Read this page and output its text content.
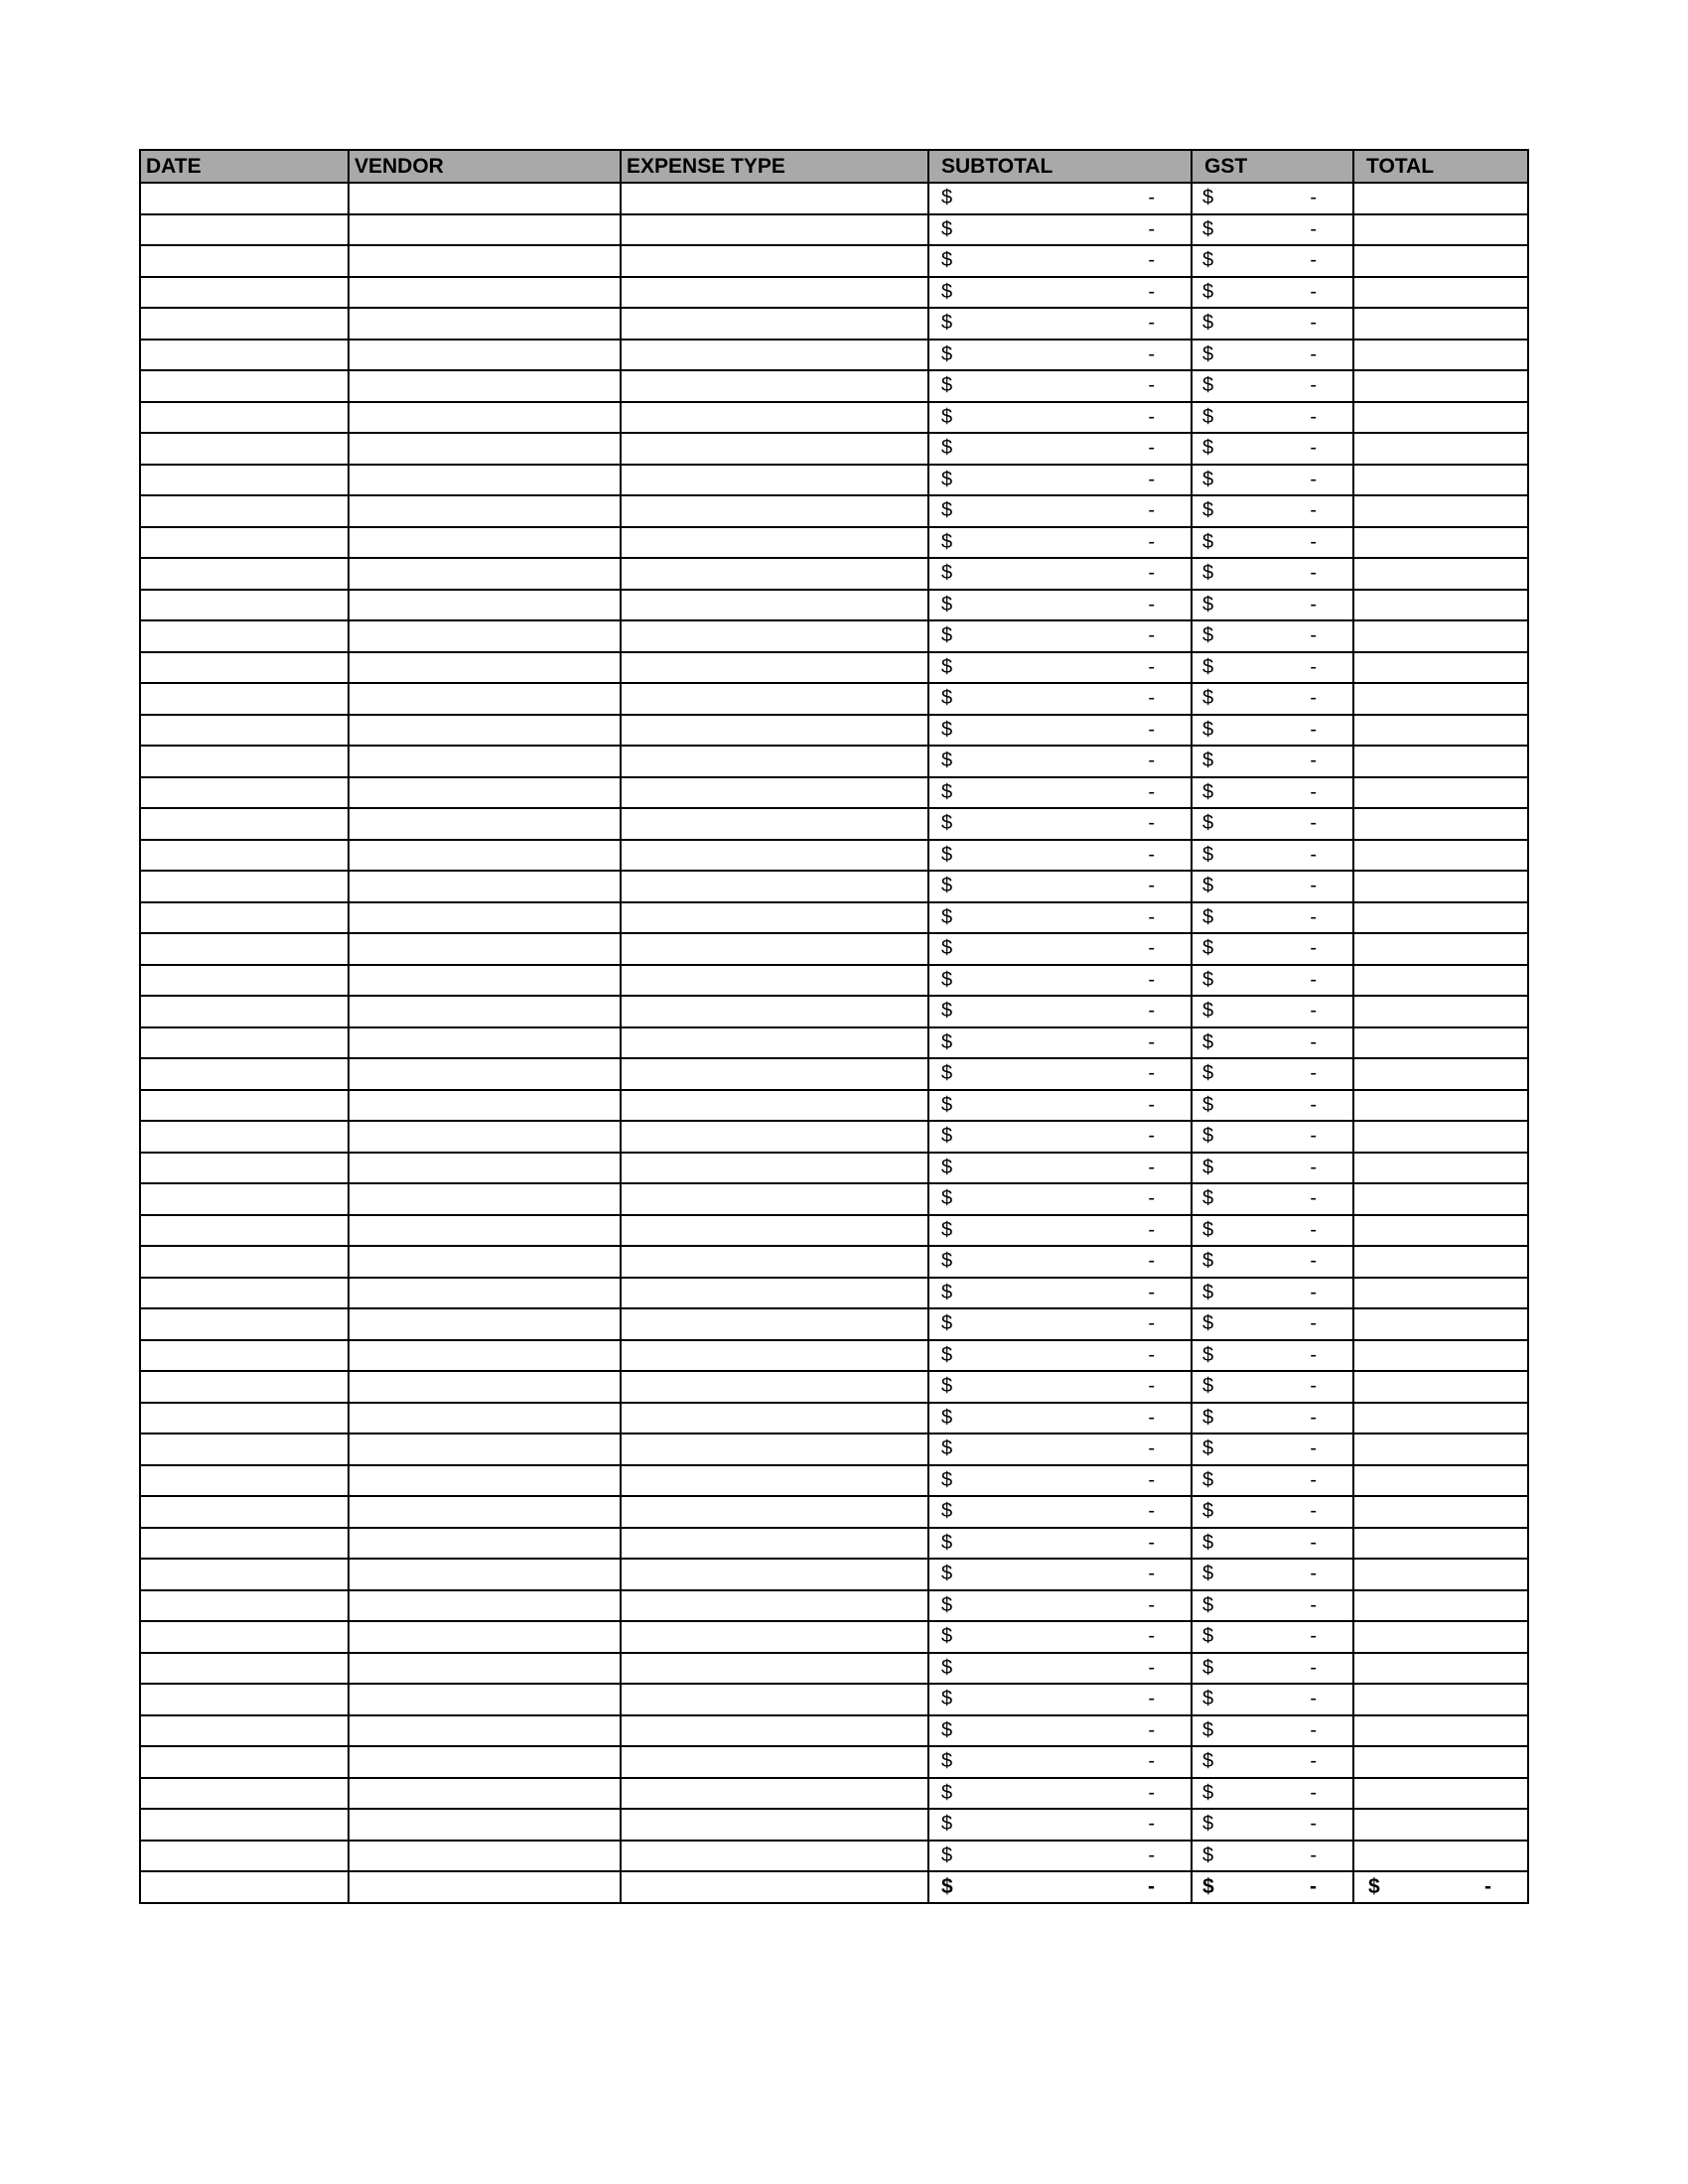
DATE	VENDOR	EXPENSE TYPE	SUBTOTAL	GST	TOTAL

			$ -	$ -	

			$ -	$ -	

			$ -	$ -	

			$ -	$ -	

			$ -	$ -	

			$ -	$ -	

			$ -	$ -	

			$ -	$ -	

			$ -	$ -	

			$ -	$ -	

			$ -	$ -	

			$ -	$ -	

			$ -	$ -	

			$ -	$ -	

			$ -	$ -	

			$ -	$ -	

			$ -	$ -	

			$ -	$ -	

			$ -	$ -	

			$ -	$ -	

			$ -	$ -	

			$ -	$ -	

			$ -	$ -	

			$ -	$ -	

			$ -	$ -	

			$ -	$ -	

			$ -	$ -	

			$ -	$ -	

			$ -	$ -	

			$ -	$ -	

			$ -	$ -	

			$ -	$ -	

			$ -	$ -	

			$ -	$ -	

			$ -	$ -	

			$ -	$ -	

			$ -	$ -	

			$ -	$ -	

			$ -	$ -	

			$ -	$ -	

			$ -	$ -	

			$ -	$ -	

			$ -	$ -	

			$ -	$ -	

			$ -	$ -	

			$ -	$ -	

			$ -	$ -	

			$ -	$ -	

			$ -	$ -	

			$ -	$ -	

			$ -	$ -	

			$ -	$ -	

			$ -	$ -	

			$ -	$ -	

			$ -	$ -	$ -
